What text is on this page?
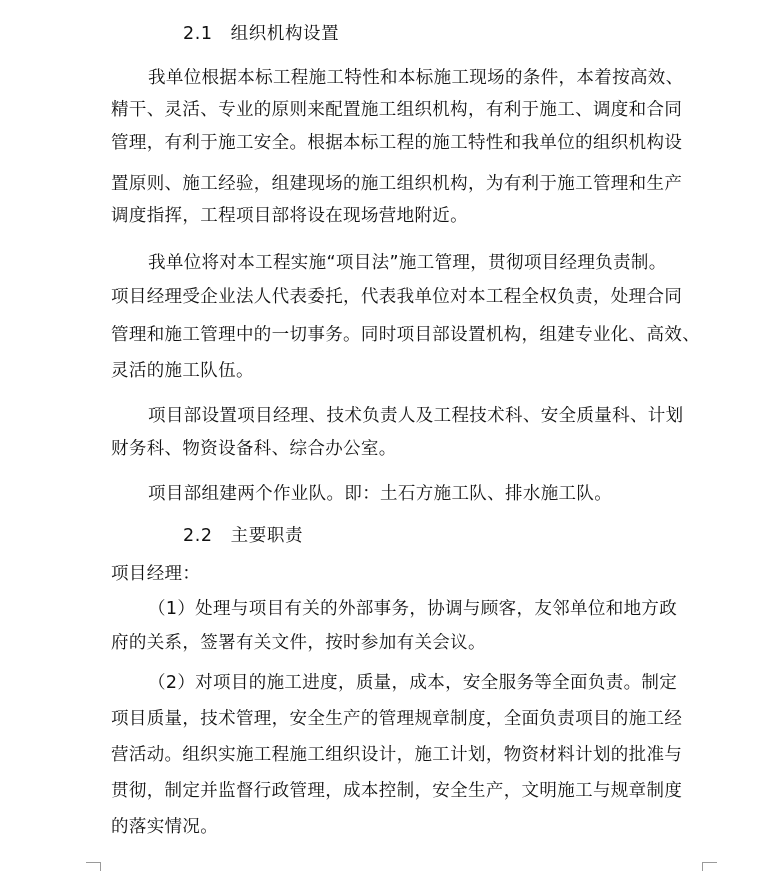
2.1 组织机构设置
我单位根据本标工程施工特性和本标施工现场的条件，本着按高效、
精干、灵活、专业的原则来配置施工组织机构，有利于施工、调度和合同
管理，有利于施工安全。根据本标工程的施工特性和我单位的组织机构设
置原则、施工经验，组建现场的施工组织机构，为有利于施工管理和生产
调度指挥，工程项目部将设在现场营地附近。
我单位将对本工程实施“项目法”施工管理，贯彻项目经理负责制。
项目经理受企业法人代表委托，代表我单位对本工程全权负责，处理合同
管理和施工管理中的一切事务。同时项目部设置机构，组建专业化、高效、
灵活的施工队伍。
项目部设置项目经理、技术负责人及工程技术科、安全质量科、计划
财务科、物资设备科、综合办公室。
项目部组建两个作业队。即：土石方施工队、排水施工队。
2.2 主要职责
项目经理：
（1）处理与项目有关的外部事务，协调与顾客，友邻单位和地方政
府的关系，签署有关文件，按时参加有关会议。
（2）对项目的施工进度，质量，成本，安全服务等全面负责。制定
项目质量，技术管理，安全生产的管理规章制度，全面负责项目的施工经
营活动。组织实施工程施工组织设计，施工计划，物资材料计划的批准与
贯彻，制定并监督行政管理，成本控制，安全生产，文明施工与规章制度
的落实情况。
